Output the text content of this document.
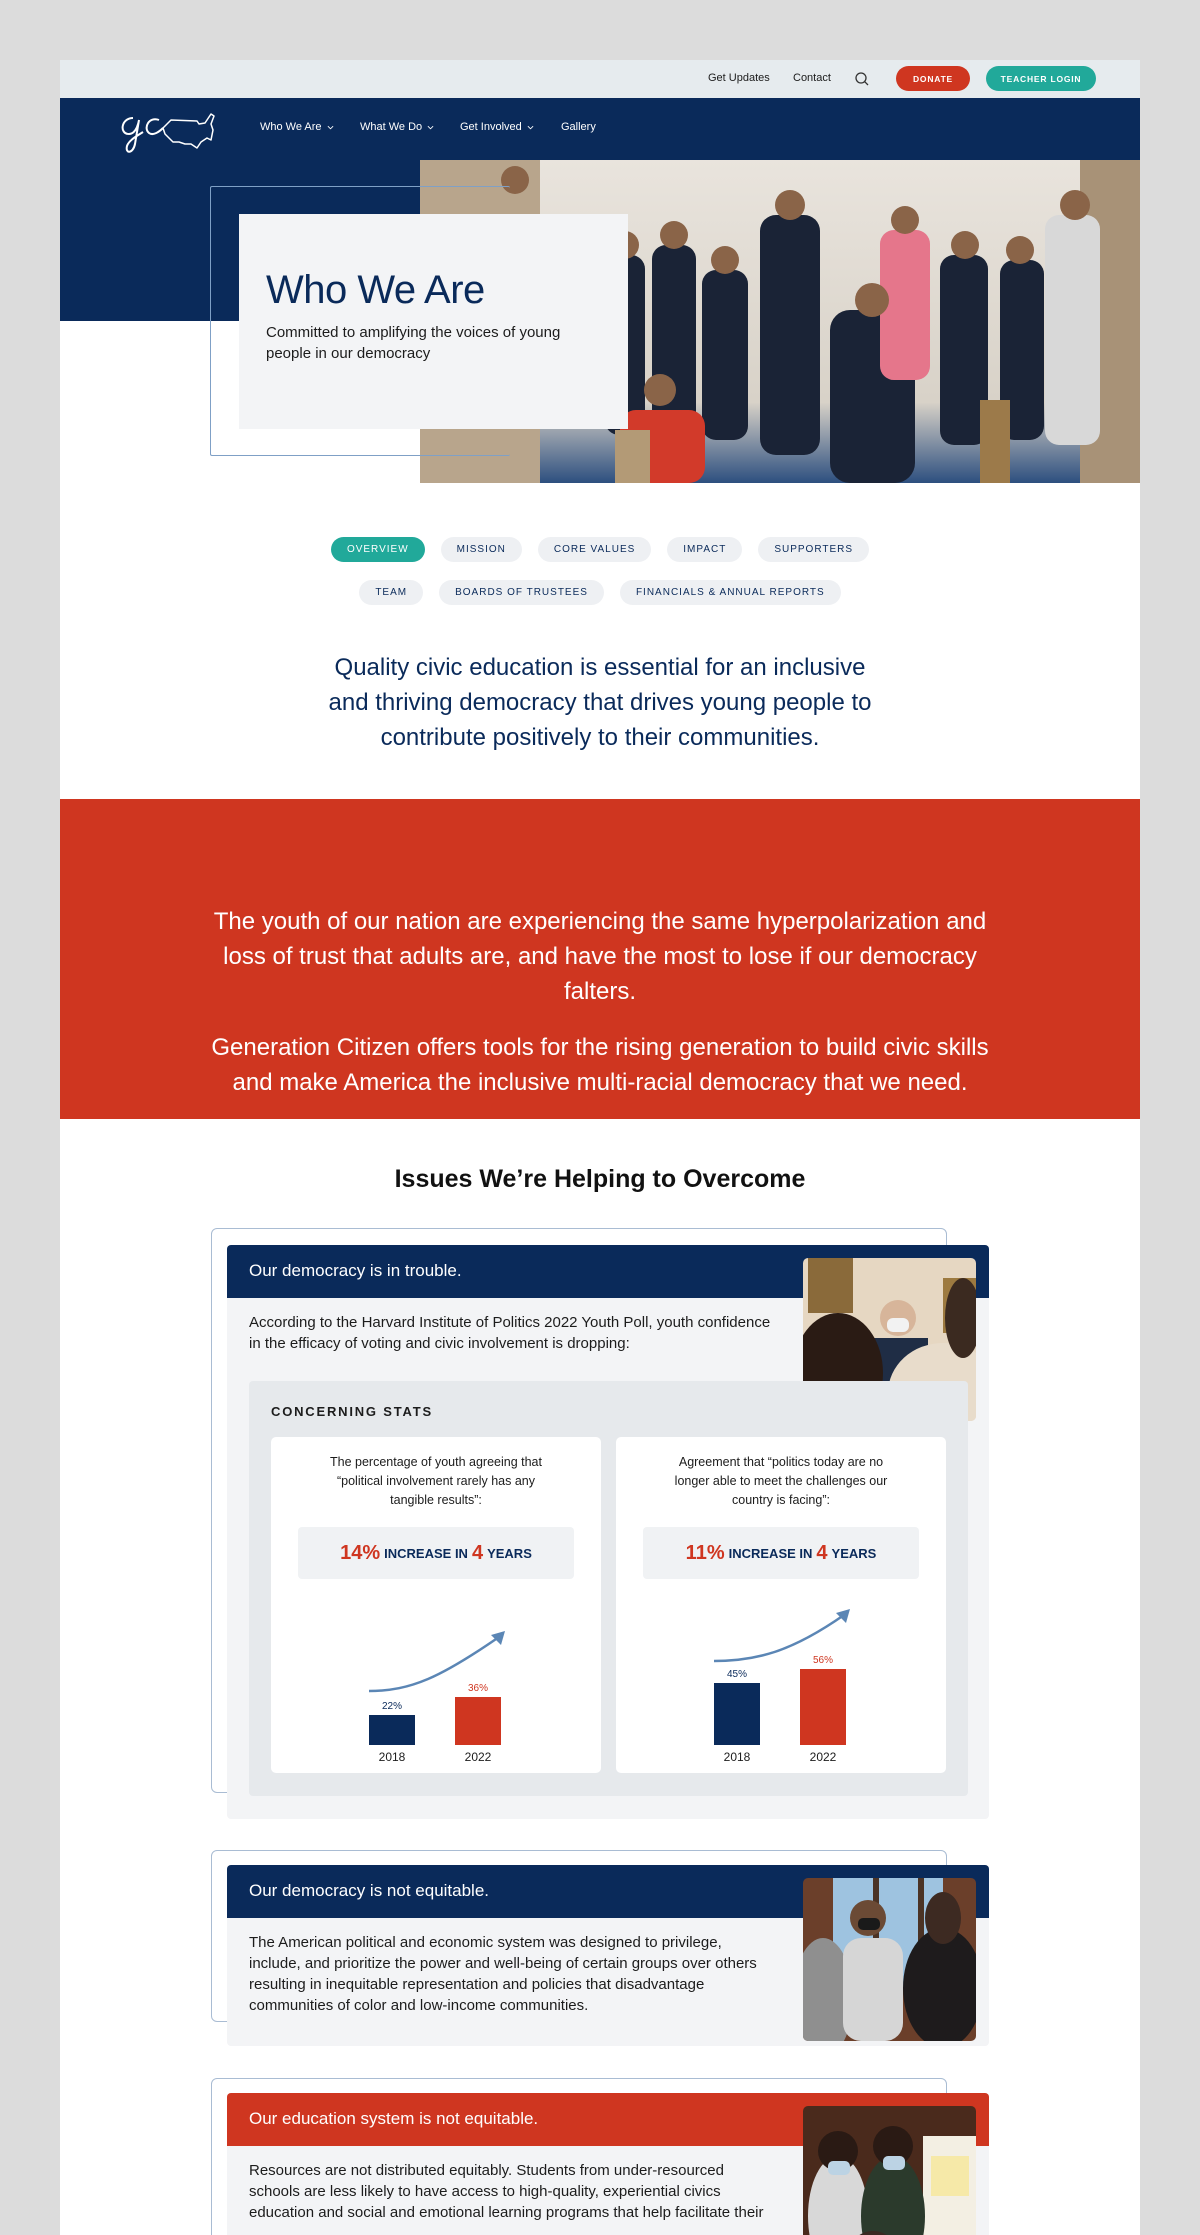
Get Updates Contact	DONATE	TEACHER LOGIN
Who We Are	What We Do	Get Involved	Gallery
Who We Are

Committed to amplifying the voices of young people in our democracy

OVERVIEW	MISSION	CORE VALUES	IMPACT	SUPPORTERS
TEAM	BOARDS OF TRUSTEES	FINANCIALS & ANNUAL REPORTS

Quality civic education is essential for an inclusive and thriving democracy that drives young people to contribute positively to their communities.

The youth of our nation are experiencing the same hyperpolarization and loss of trust that adults are, and have the most to lose if our democracy falters.

Generation Citizen offers tools for the rising generation to build civic skills and make America the inclusive multi-racial democracy that we need.

Issues We’re Helping to Overcome
Our democracy is in trouble.

According to the Harvard Institute of Politics 2022 Youth Poll, youth confidence in the efficacy of voting and civic involvement is dropping:

CONCERNING STATS

The percentage of youth agreeing that “political involvement rarely has any tangible results”:

14% INCREASE IN 4 YEARS
22%
36%
2018	2022

Agreement that “politics today are no longer able to meet the challenges our country is facing”:

11% INCREASE IN 4 YEARS
45%
56%
2018	2022
Our democracy is not equitable.

The American political and economic system was designed to privilege, include, and prioritize the power and well-being of certain groups over others resulting in inequitable representation and policies that disadvantage communities of color and low-income communities.

Our education system is not equitable.

Resources are not distributed equitably. Students from under-resourced schools are less likely to have access to high-quality, experiential civics education and social and emotional learning programs that help facilitate their
